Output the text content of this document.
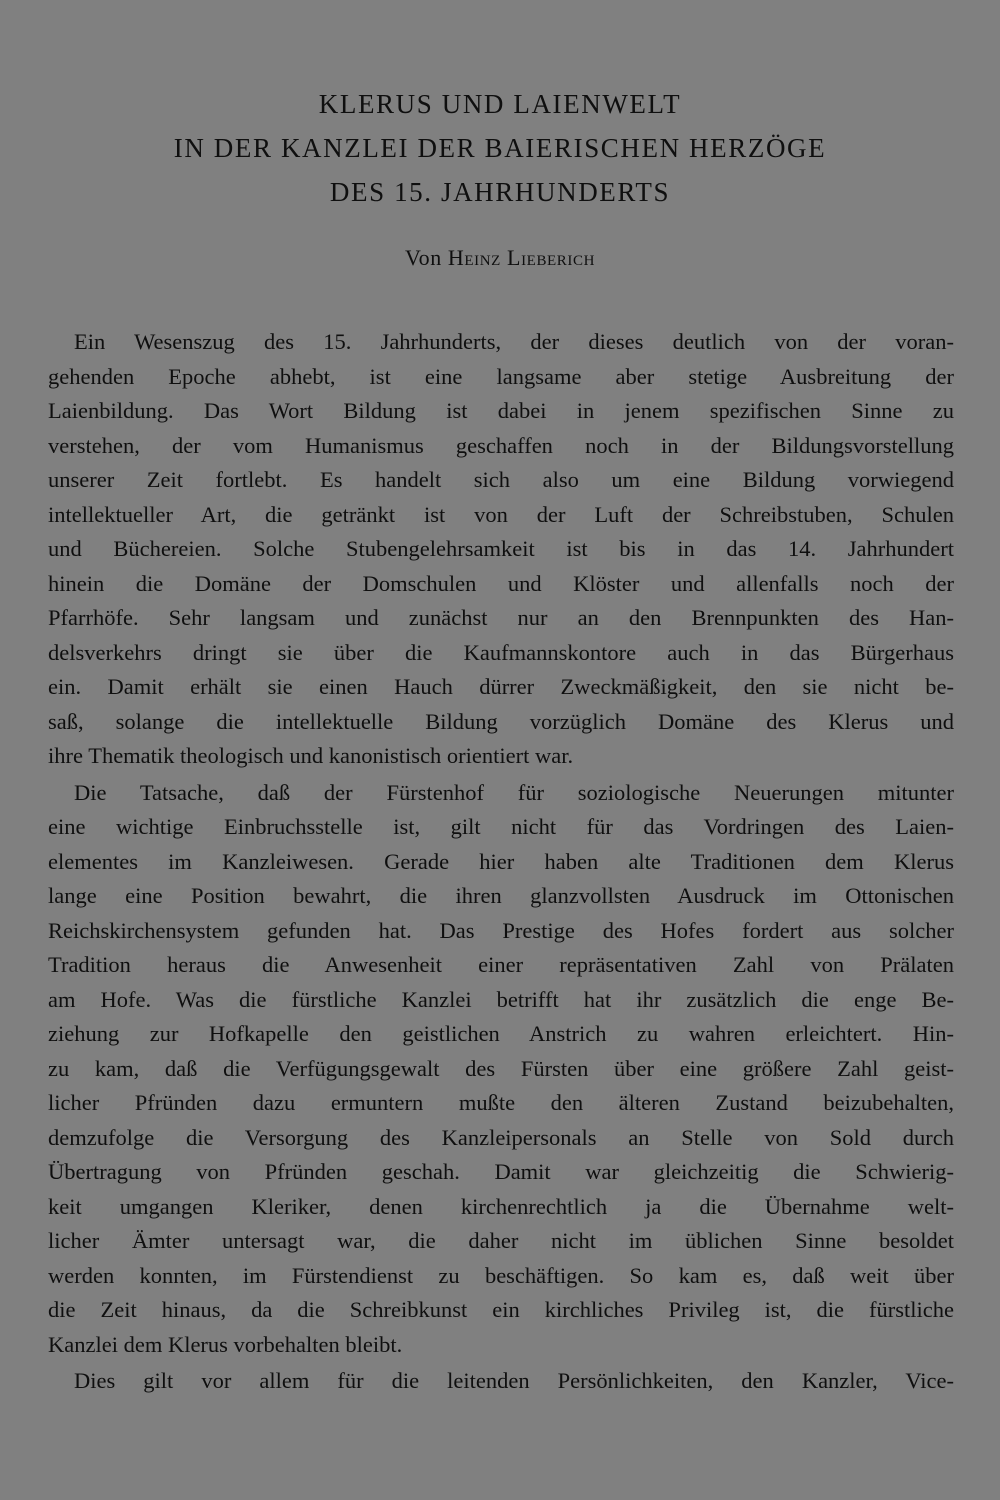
KLERUS UND LAIENWELT
IN DER KANZLEI DER BAIERISCHEN HERZÖGE
DES 15. JAHRHUNDERTS
Von Heinz Lieberich

Ein Wesenszug des 15. Jahrhunderts, der dieses deutlich von der voran-
gehenden Epoche abhebt, ist eine langsame aber stetige Ausbreitung der
Laienbildung. Das Wort Bildung ist dabei in jenem spezifischen Sinne zu
verstehen, der vom Humanismus geschaffen noch in der Bildungsvorstellung
unserer Zeit fortlebt. Es handelt sich also um eine Bildung vorwiegend
intellektueller Art, die getränkt ist von der Luft der Schreibstuben, Schulen
und Büchereien. Solche Stubengelehrsamkeit ist bis in das 14. Jahrhundert
hinein die Domäne der Domschulen und Klöster und allenfalls noch der
Pfarrhöfe. Sehr langsam und zunächst nur an den Brennpunkten des Han-
delsverkehrs dringt sie über die Kaufmannskontore auch in das Bürgerhaus
ein. Damit erhält sie einen Hauch dürrer Zweckmäßigkeit, den sie nicht be-
saß, solange die intellektuelle Bildung vorzüglich Domäne des Klerus und
ihre Thematik theologisch und kanonistisch orientiert war.

Die Tatsache, daß der Fürstenhof für soziologische Neuerungen mitunter
eine wichtige Einbruchsstelle ist, gilt nicht für das Vordringen des Laien-
elementes im Kanzleiwesen. Gerade hier haben alte Traditionen dem Klerus
lange eine Position bewahrt, die ihren glanzvollsten Ausdruck im Ottonischen
Reichskirchensystem gefunden hat. Das Prestige des Hofes fordert aus solcher
Tradition heraus die Anwesenheit einer repräsentativen Zahl von Prälaten
am Hofe. Was die fürstliche Kanzlei betrifft hat ihr zusätzlich die enge Be-
ziehung zur Hofkapelle den geistlichen Anstrich zu wahren erleichtert. Hin-
zu kam, daß die Verfügungsgewalt des Fürsten über eine größere Zahl geist-
licher Pfründen dazu ermuntern mußte den älteren Zustand beizubehalten,
demzufolge die Versorgung des Kanzleipersonals an Stelle von Sold durch
Übertragung von Pfründen geschah. Damit war gleichzeitig die Schwierig-
keit umgangen Kleriker, denen kirchenrechtlich ja die Übernahme welt-
licher Ämter untersagt war, die daher nicht im üblichen Sinne besoldet
werden konnten, im Fürstendienst zu beschäftigen. So kam es, daß weit über
die Zeit hinaus, da die Schreibkunst ein kirchliches Privileg ist, die fürstliche
Kanzlei dem Klerus vorbehalten bleibt.

Dies gilt vor allem für die leitenden Persönlichkeiten, den Kanzler, Vice-
